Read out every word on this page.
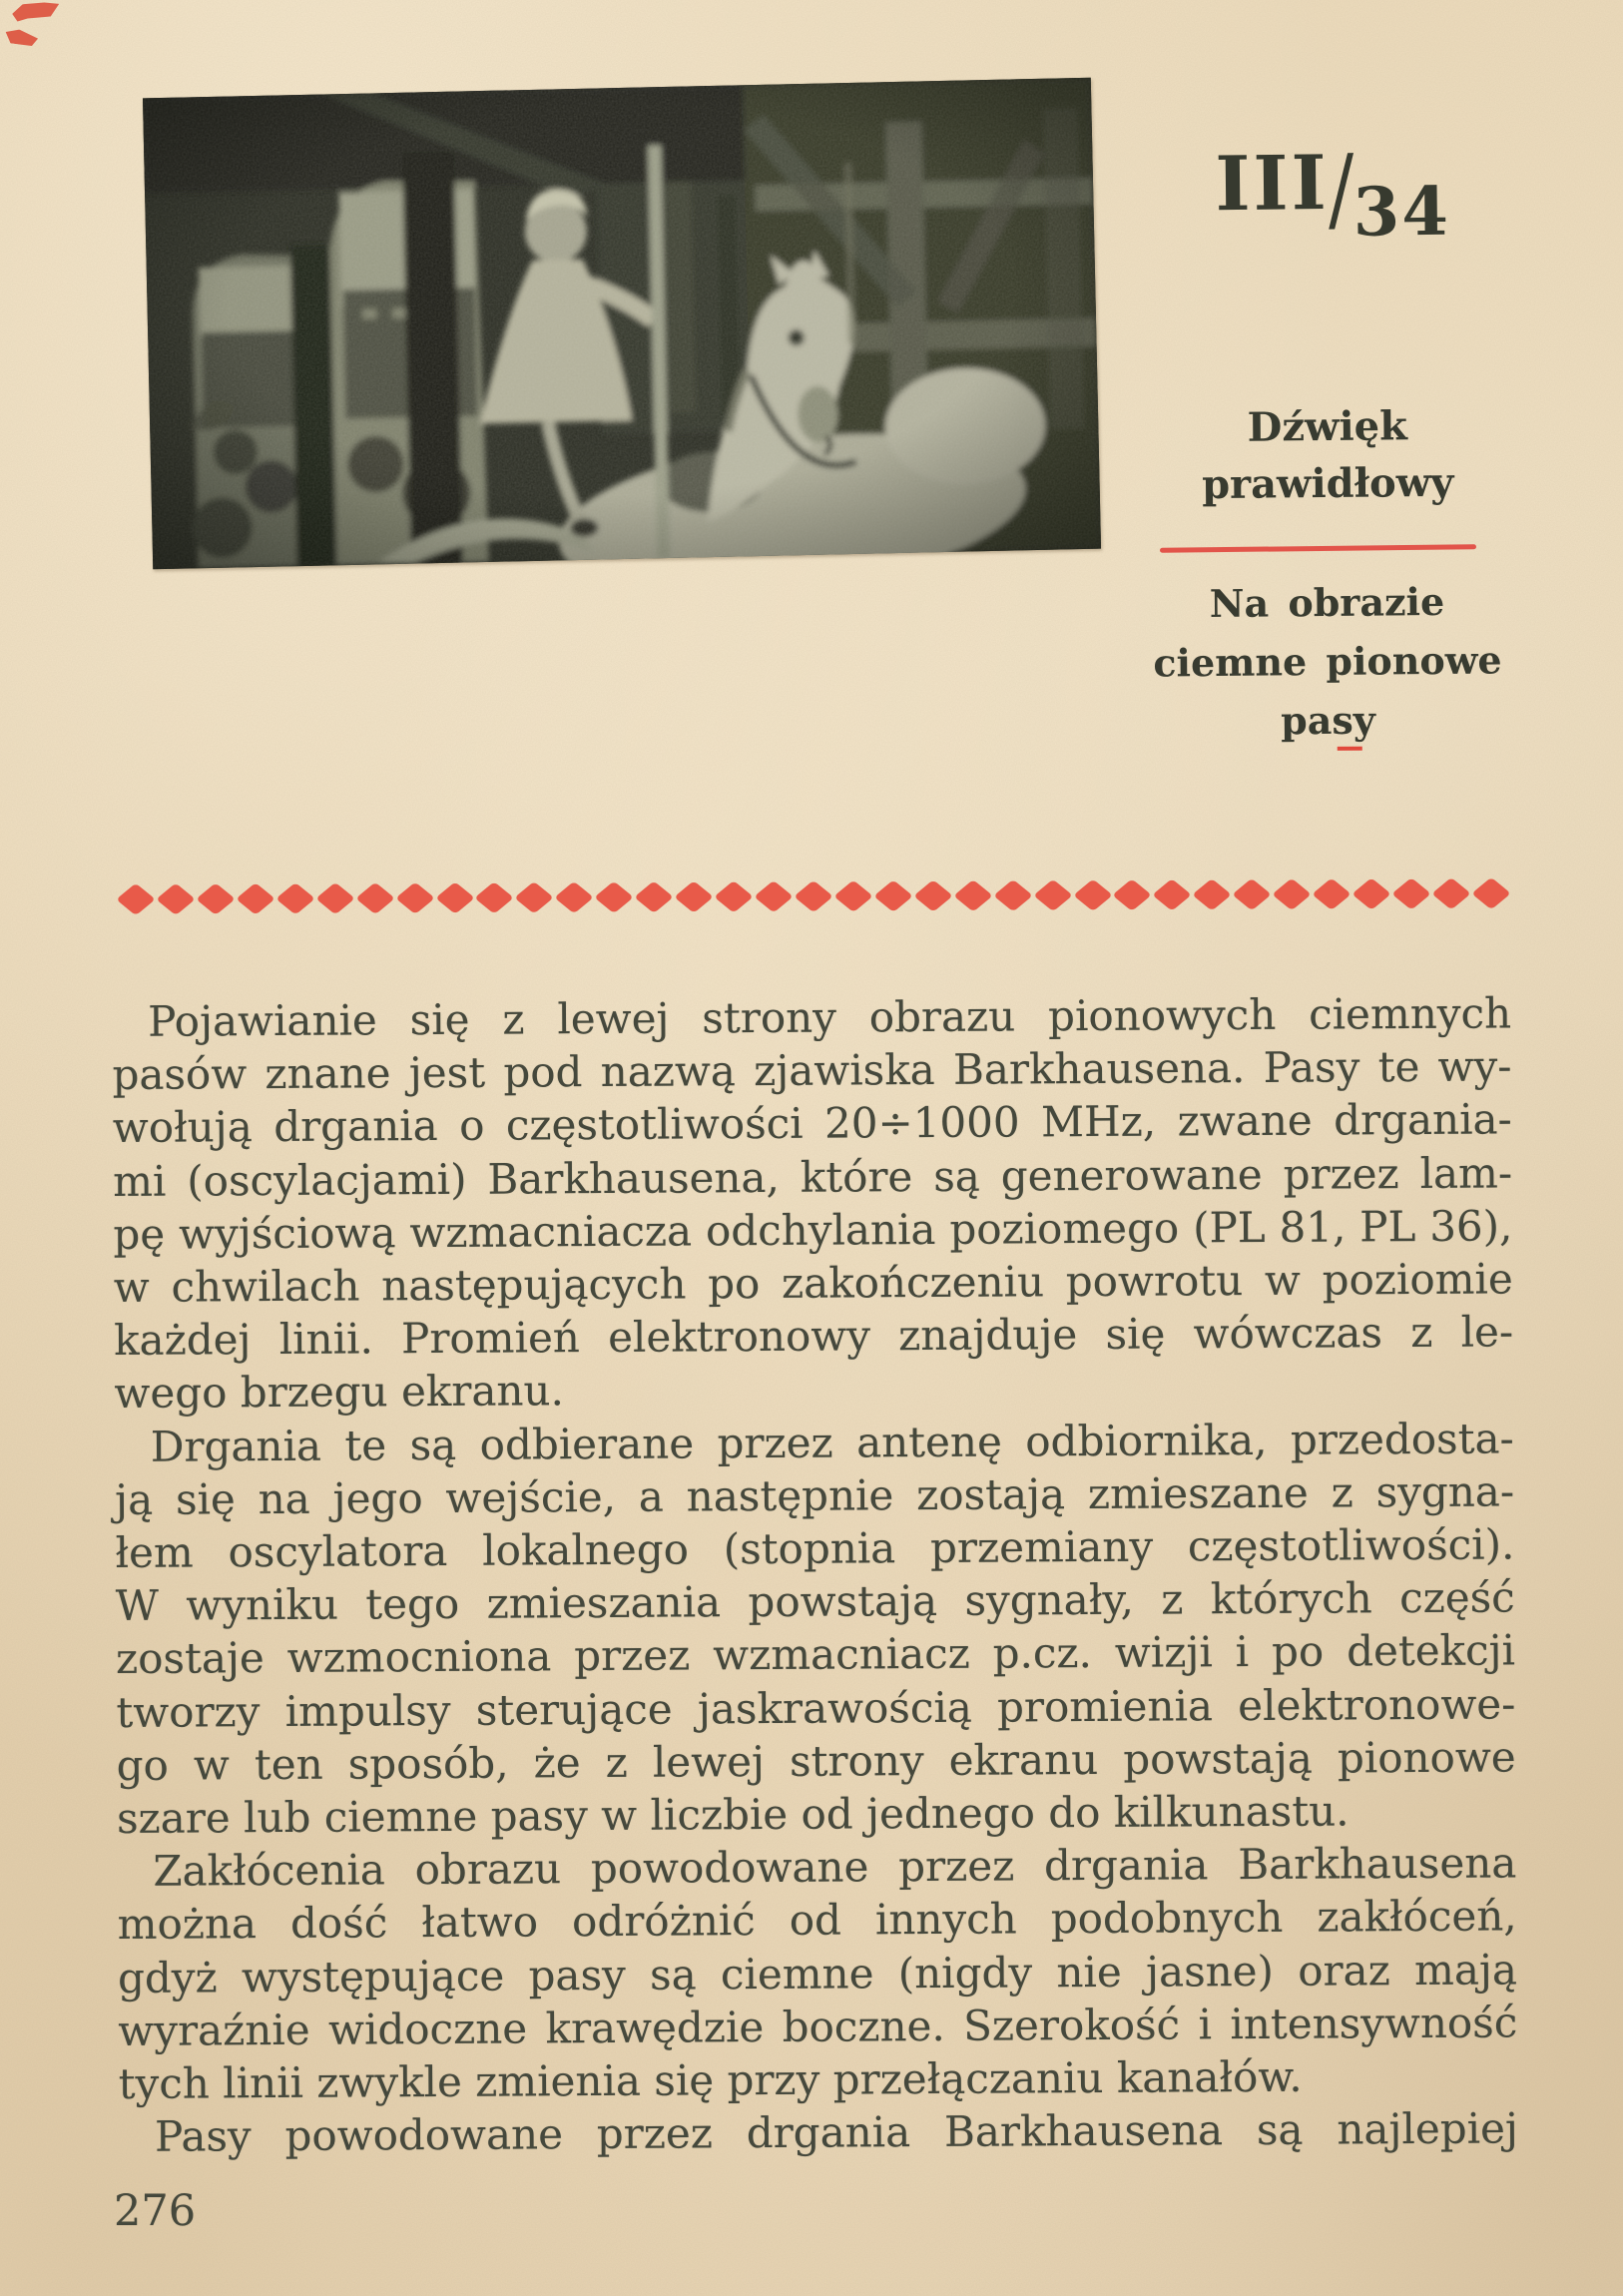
III/34
Dźwięk
prawidłowy
Na obrazie
ciemne pionowe
pasy
Pojawianie się z lewej strony obrazu pionowych ciemnych
pasów znane jest pod nazwą zjawiska Barkhausena. Pasy te wy-
wołują drgania o częstotliwości 20÷1000 MHz, zwane drgania-
mi (oscylacjami) Barkhausena, które są generowane przez lam-
pę wyjściową wzmacniacza odchylania poziomego (PL 81, PL 36),
w chwilach następujących po zakończeniu powrotu w poziomie
każdej linii. Promień elektronowy znajduje się wówczas z le-
wego brzegu ekranu.
Drgania te są odbierane przez antenę odbiornika, przedosta-
ją się na jego wejście, a następnie zostają zmieszane z sygna-
łem oscylatora lokalnego (stopnia przemiany częstotliwości).
W wyniku tego zmieszania powstają sygnały, z których część
zostaje wzmocniona przez wzmacniacz p.cz. wizji i po detekcji
tworzy impulsy sterujące jaskrawością promienia elektronowe-
go w ten sposób, że z lewej strony ekranu powstają pionowe
szare lub ciemne pasy w liczbie od jednego do kilkunastu.
Zakłócenia obrazu powodowane przez drgania Barkhausena
można dość łatwo odróżnić od innych podobnych zakłóceń,
gdyż występujące pasy są ciemne (nigdy nie jasne) oraz mają
wyraźnie widoczne krawędzie boczne. Szerokość i intensywność
tych linii zwykle zmienia się przy przełączaniu kanałów.
Pasy powodowane przez drgania Barkhausena są najlepiej
276
